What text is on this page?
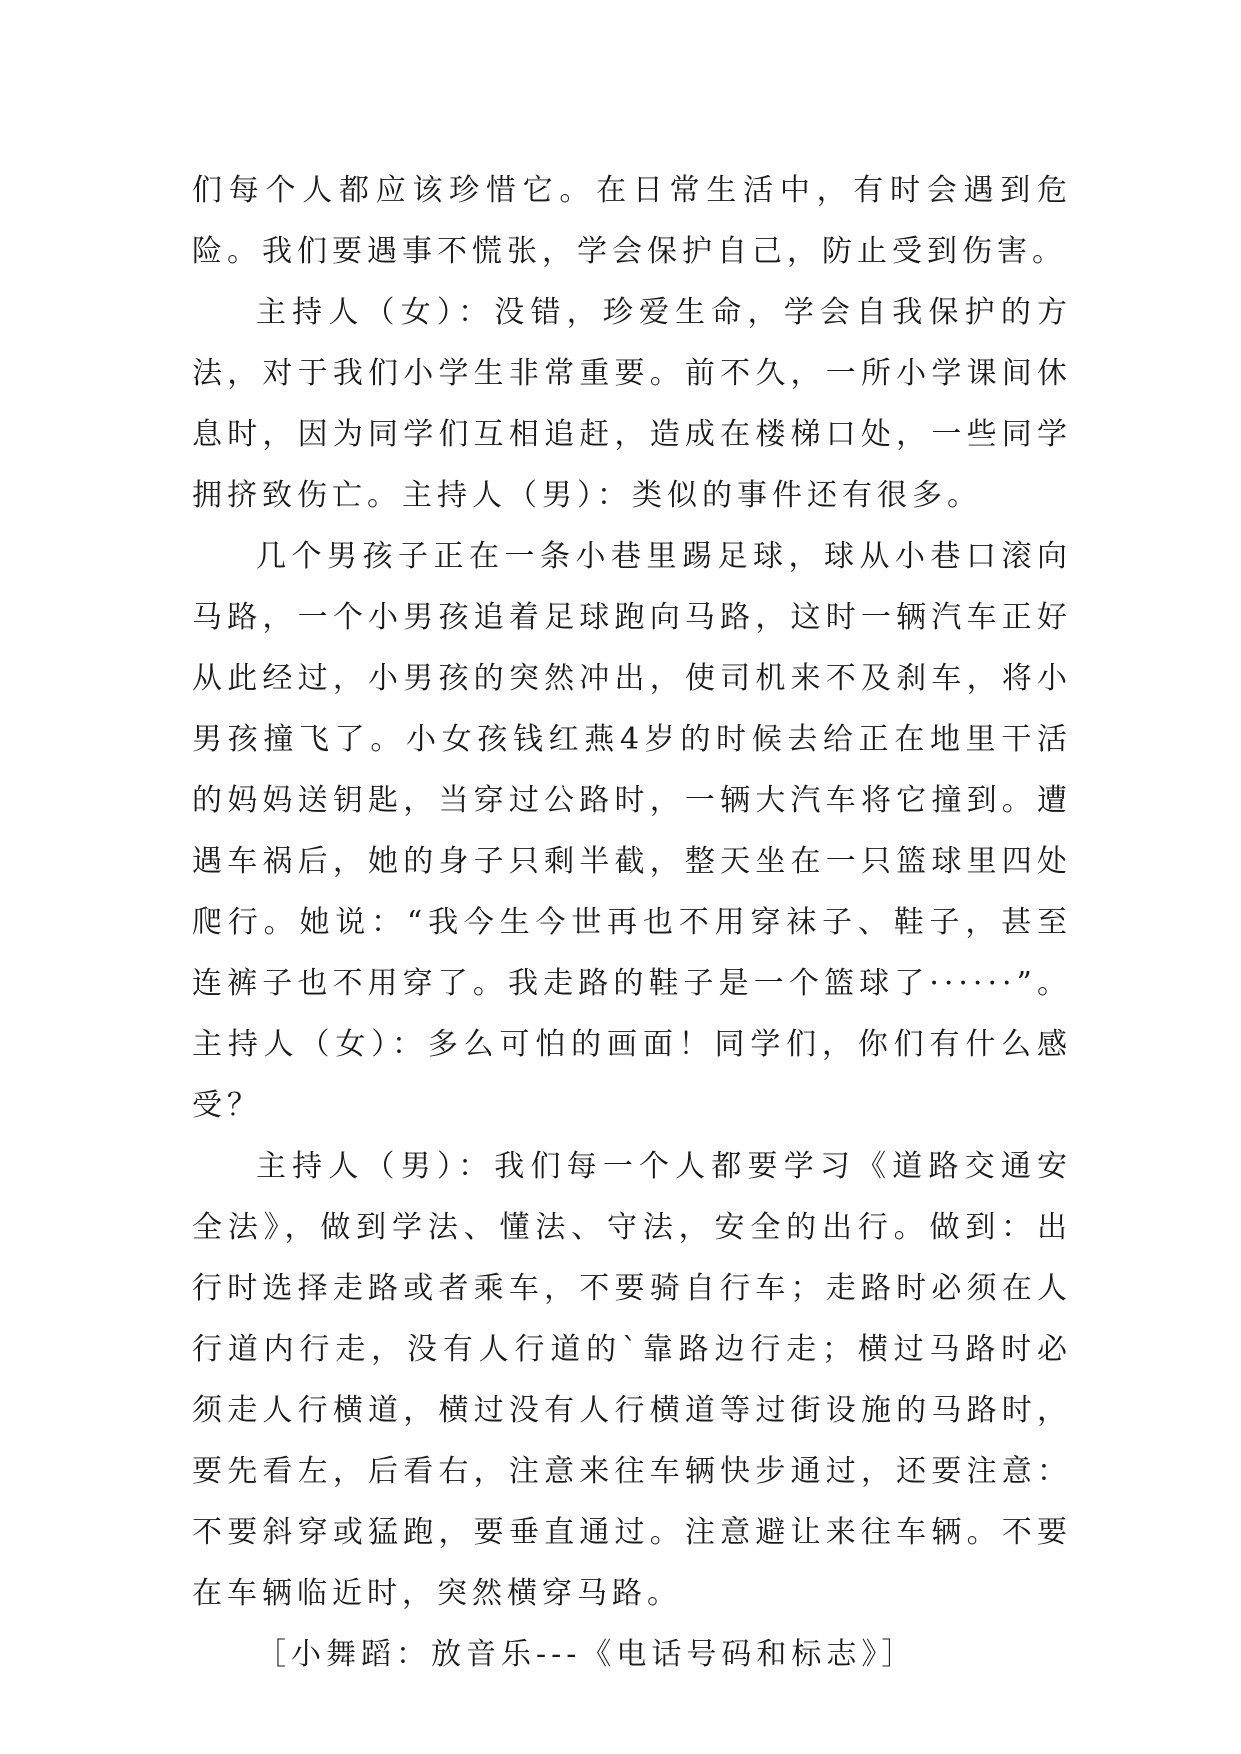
们每个人都应该珍惜它。在日常生活中，有时会遇到危险。我们要遇事不慌张，学会保护自己，防止受到伤害。

主持人（女）：没错，珍爱生命，学会自我保护的方法，对于我们小学生非常重要。前不久，一所小学课间休息时，因为同学们互相追赶，造成在楼梯口处，一些同学拥挤致伤亡。主持人（男）：类似的事件还有很多。

几个男孩子正在一条小巷里踢足球，球从小巷口滚向马路，一个小男孩追着足球跑向马路，这时一辆汽车正好从此经过，小男孩的突然冲出，使司机来不及刹车，将小男孩撞飞了。小女孩钱红燕4岁的时候去给正在地里干活的妈妈送钥匙，当穿过公路时，一辆大汽车将它撞到。遭遇车祸后，她的身子只剩半截，整天坐在一只篮球里四处爬行。她说：“我今生今世再也不用穿袜子、鞋子，甚至连裤子也不用穿了。我走路的鞋子是一个篮球了······”。主持人（女）：多么可怕的画面！同学们，你们有什么感受？

主持人（男）：我们每一个人都要学习《道路交通安全法》，做到学法、懂法、守法，安全的出行。做到：出行时选择走路或者乘车，不要骑自行车；走路时必须在人行道内行走，没有人行道的`靠路边行走；横过马路时必须走人行横道，横过没有人行横道等过街设施的马路时，要先看左，后看右，注意来往车辆快步通过，还要注意：不要斜穿或猛跑，要垂直通过。注意避让来往车辆。不要在车辆临近时，突然横穿马路。

［小舞蹈：放音乐---《电话号码和标志》］
